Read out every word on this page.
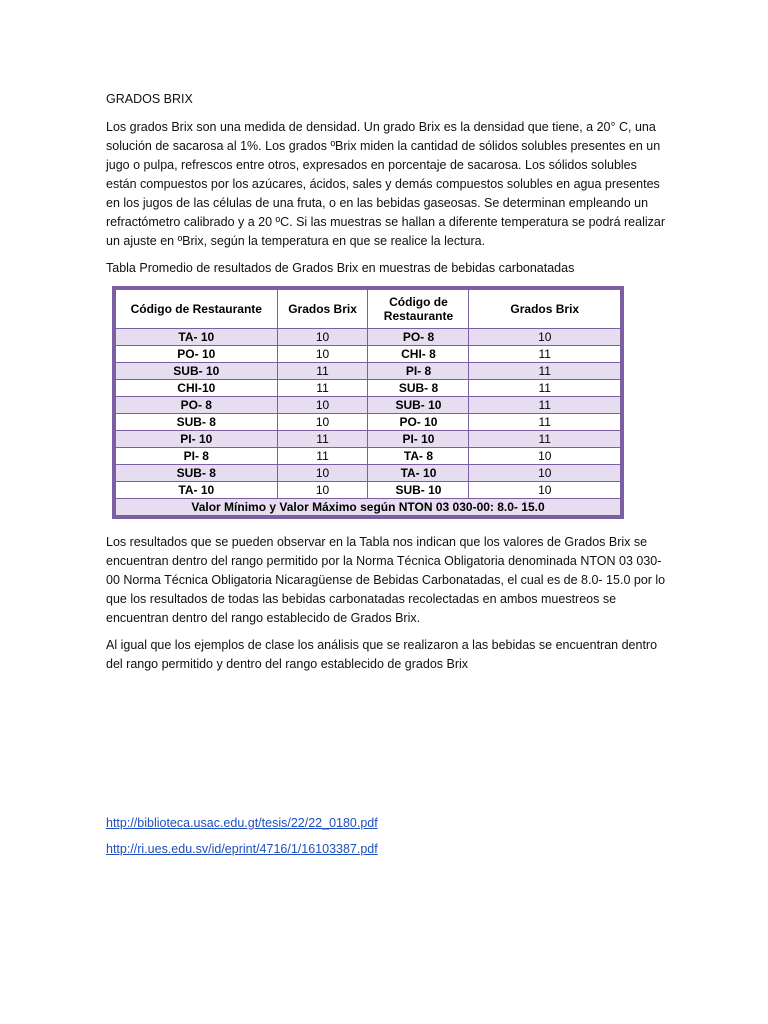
GRADOS BRIX

Los grados Brix son una medida de densidad. Un grado Brix es la densidad que tiene, a 20° C, una solución de sacarosa al 1%. Los grados ºBrix miden la cantidad de sólidos solubles presentes en un jugo o pulpa, refrescos entre otros, expresados en porcentaje de sacarosa. Los sólidos solubles están compuestos por los azúcares, ácidos, sales y demás compuestos solubles en agua presentes en los jugos de las células de una fruta, o en las bebidas gaseosas. Se determinan empleando un refractómetro calibrado y a 20 ºC. Si las muestras se hallan a diferente temperatura se podrá realizar un ajuste en ºBrix, según la temperatura en que se realice la lectura.

Tabla Promedio de resultados de Grados Brix en muestras de bebidas carbonatadas

Código de Restaurante	Grados Brix	Código de Restaurante	Grados Brix
TA- 10	10	PO- 8	10
PO- 10	10	CHI- 8	11
SUB- 10	11	PI- 8	11
CHI-10	11	SUB- 8	11
PO- 8	10	SUB- 10	11
SUB- 8	10	PO- 10	11
PI- 10	11	PI- 10	11
PI- 8	11	TA- 8	10
SUB- 8	10	TA- 10	10
TA- 10	10	SUB- 10	10
Valor Mínimo y Valor Máximo según NTON 03 030-00: 8.0- 15.0			

Los resultados que se pueden observar en la Tabla nos indican que los valores de Grados Brix se encuentran dentro del rango permitido por la Norma Técnica Obligatoria denominada NTON 03 030-00 Norma Técnica Obligatoria Nicaragüense de Bebidas Carbonatadas, el cual es de 8.0- 15.0 por lo que los resultados de todas las bebidas carbonatadas recolectadas en ambos muestreos se encuentran dentro del rango establecido de Grados Brix.

Al igual que los ejemplos de clase los análisis que se realizaron a las bebidas se encuentran dentro del rango permitido y dentro del rango establecido de grados Brix

http://biblioteca.usac.edu.gt/tesis/22/22_0180.pdf
http://ri.ues.edu.sv/id/eprint/4716/1/16103387.pdf
